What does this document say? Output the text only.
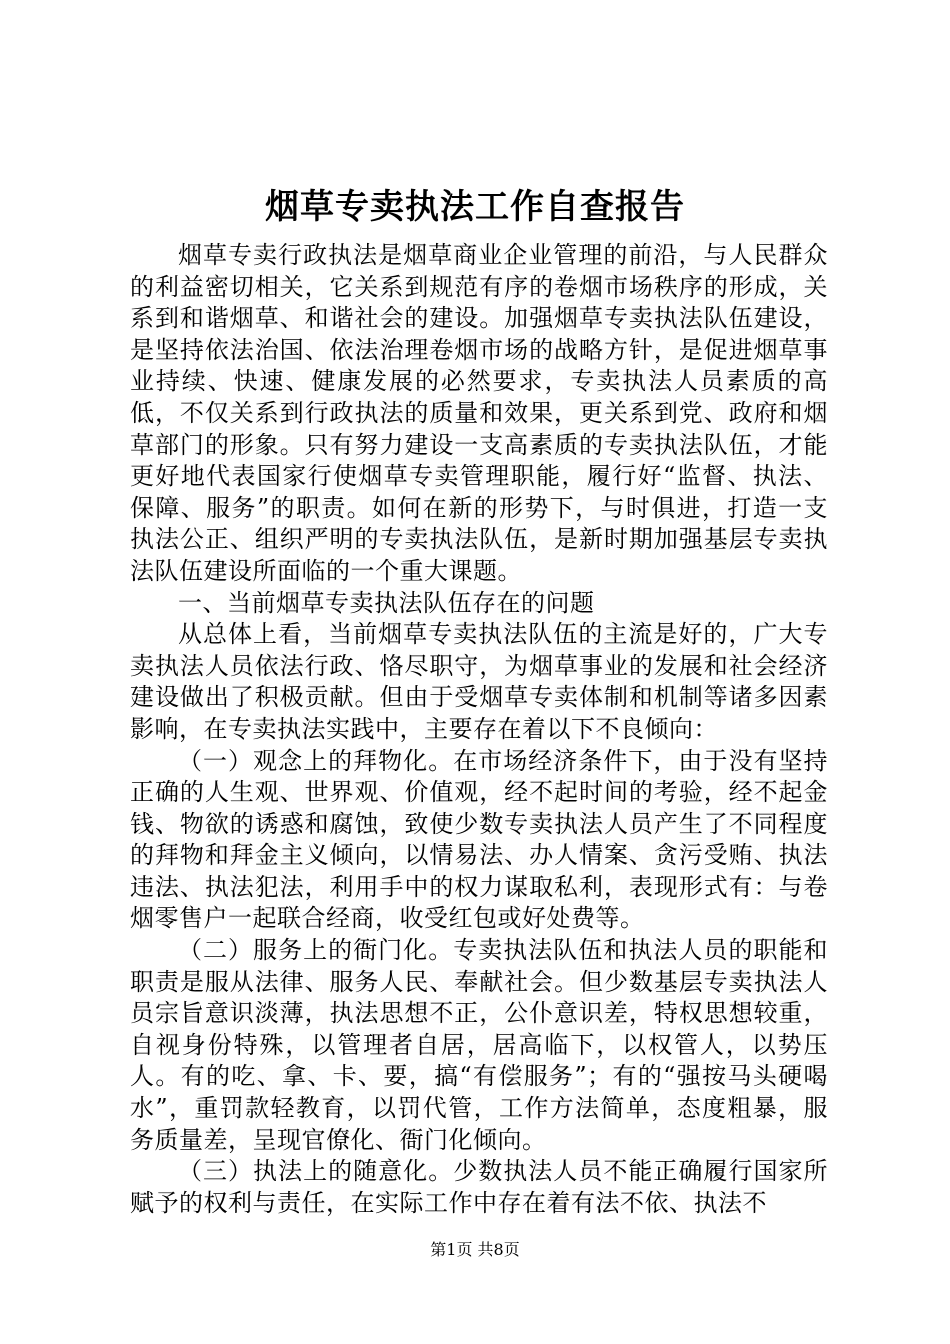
烟草专卖执法工作自查报告

烟草专卖行政执法是烟草商业企业管理的前沿，与人民群众的利益密切相关，它关系到规范有序的卷烟市场秩序的形成，关系到和谐烟草、和谐社会的建设。加强烟草专卖执法队伍建设，是坚持依法治国、依法治理卷烟市场的战略方针，是促进烟草事业持续、快速、健康发展的必然要求，专卖执法人员素质的高低，不仅关系到行政执法的质量和效果，更关系到党、政府和烟草部门的形象。只有努力建设一支高素质的专卖执法队伍，才能更好地代表国家行使烟草专卖管理职能，履行好“监督、执法、保障、服务”的职责。如何在新的形势下，与时俱进，打造一支执法公正、组织严明的专卖执法队伍，是新时期加强基层专卖执法队伍建设所面临的一个重大课题。

一、当前烟草专卖执法队伍存在的问题

从总体上看，当前烟草专卖执法队伍的主流是好的，广大专卖执法人员依法行政、恪尽职守，为烟草事业的发展和社会经济建设做出了积极贡献。但由于受烟草专卖体制和机制等诸多因素影响，在专卖执法实践中，主要存在着以下不良倾向：

（一）观念上的拜物化。在市场经济条件下，由于没有坚持正确的人生观、世界观、价值观，经不起时间的考验，经不起金钱、物欲的诱惑和腐蚀，致使少数专卖执法人员产生了不同程度的拜物和拜金主义倾向，以情易法、办人情案、贪污受贿、执法违法、执法犯法，利用手中的权力谋取私利，表现形式有：与卷烟零售户一起联合经商，收受红包或好处费等。

（二）服务上的衙门化。专卖执法队伍和执法人员的职能和职责是服从法律、服务人民、奉献社会。但少数基层专卖执法人员宗旨意识淡薄，执法思想不正，公仆意识差，特权思想较重，自视身份特殊，以管理者自居，居高临下，以权管人，以势压人。有的吃、拿、卡、要，搞“有偿服务”；有的“强按马头硬喝水”，重罚款轻教育，以罚代管，工作方法简单，态度粗暴，服务质量差，呈现官僚化、衙门化倾向。

（三）执法上的随意化。少数执法人员不能正确履行国家所赋予的权利与责任，在实际工作中存在着有法不依、执法不

第1页 共8页
